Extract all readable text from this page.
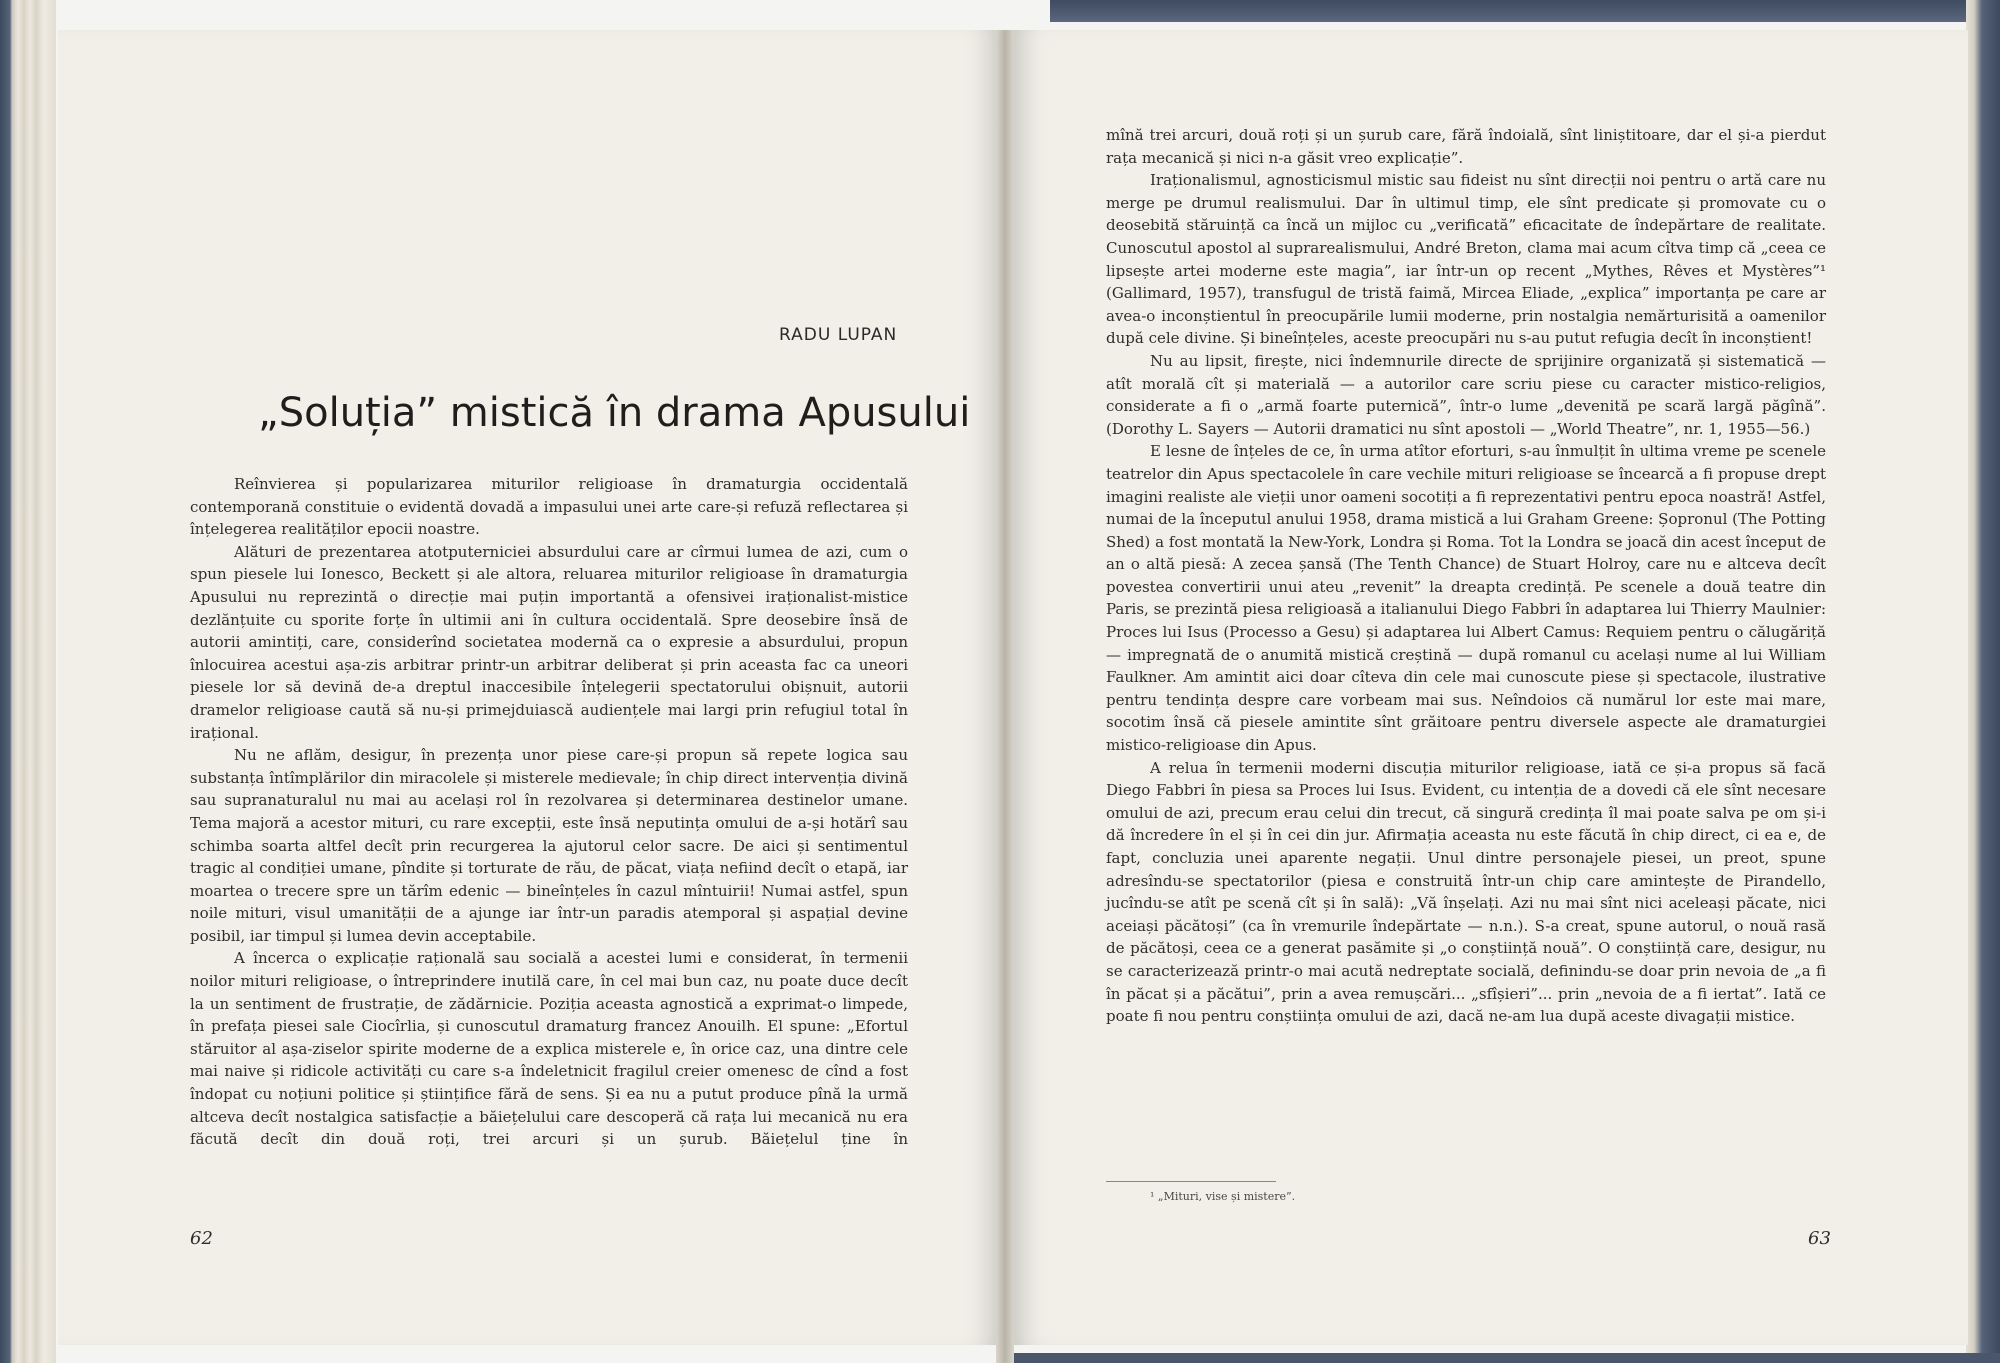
RADU LUPAN
„Soluția” mistică în drama Apusului

Reînvierea și popularizarea miturilor religioase în dramaturgia occidentală contemporană constituie o evidentă dovadă a impasului unei arte care-și refuză reflectarea și înțelegerea realităților epocii noastre.

Alături de prezentarea atotputerniciei absurdului care ar cîrmui lumea de azi, cum o spun piesele lui Ionesco, Beckett și ale altora, reluarea miturilor religioase în dramaturgia Apusului nu reprezintă o direcție mai puțin importantă a ofensivei iraționalist-mistice dezlănțuite cu sporite forțe în ultimii ani în cultura occidentală. Spre deosebire însă de autorii amintiți, care, considerînd societatea modernă ca o expresie a absurdului, propun înlocuirea acestui așa-zis arbitrar printr-un arbitrar deliberat și prin aceasta fac ca uneori piesele lor să devină de-a dreptul inaccesibile înțelegerii spectatorului obișnuit, autorii dramelor religioase caută să nu-și primejduiască audiențele mai largi prin refugiul total în irațional.

Nu ne aflăm, desigur, în prezența unor piese care-și propun să repete logica sau substanța întîmplărilor din miracolele și misterele medievale; în chip direct intervenția divină sau supranaturalul nu mai au același rol în rezolvarea și determinarea destinelor umane. Tema majoră a acestor mituri, cu rare excepții, este însă neputința omului de a-și hotărî sau schimba soarta altfel decît prin recurgerea la ajutorul celor sacre. De aici și sentimentul tragic al condiției umane, pîndite și torturate de rău, de păcat, viața nefiind decît o etapă, iar moartea o trecere spre un tărîm edenic — bineînțeles în cazul mîntuirii! Numai astfel, spun noile mituri, visul umanității de a ajunge iar într-un paradis atemporal și aspațial devine posibil, iar timpul și lumea devin acceptabile.

A încerca o explicație rațională sau socială a acestei lumi e considerat, în termenii noilor mituri religioase, o întreprindere inutilă care, în cel mai bun caz, nu poate duce decît la un sentiment de frustrație, de zădărnicie. Poziția aceasta agnostică a exprimat-o limpede, în prefața piesei sale Ciocîrlia, și cunoscutul dramaturg francez Anouilh. El spune: „Efortul stăruitor al așa-ziselor spirite moderne de a explica misterele e, în orice caz, una dintre cele mai naive și ridicole activități cu care s-a îndeletnicit fragilul creier omenesc de cînd a fost îndopat cu noțiuni politice și științifice fără de sens. Și ea nu a putut produce pînă la urmă altceva decît nostalgica satisfacție a băiețelului care descoperă că rața lui mecanică nu era făcută decît din două roți, trei arcuri și un șurub. Băiețelul ține în

mînă trei arcuri, două roți și un șurub care, fără îndoială, sînt liniștitoare, dar el și-a pierdut rața mecanică și nici n-a găsit vreo explicație”.

Iraționalismul, agnosticismul mistic sau fideist nu sînt direcții noi pentru o artă care nu merge pe drumul realismului. Dar în ultimul timp, ele sînt predicate și promovate cu o deosebită stăruință ca încă un mijloc cu „verificată” eficacitate de îndepărtare de realitate. Cunoscutul apostol al suprarealismului, André Breton, clama mai acum cîtva timp că „ceea ce lipsește artei moderne este magia”, iar într-un op recent „Mythes, Rêves et Mystères”¹ (Gallimard, 1957), transfugul de tristă faimă, Mircea Eliade, „explica” importanța pe care ar avea-o inconștientul în preocupările lumii moderne, prin nostalgia nemărturisită a oamenilor după cele divine. Și bineînțeles, aceste preocupări nu s-au putut refugia decît în inconștient!

Nu au lipsit, firește, nici îndemnurile directe de sprijinire organizată și sistematică — atît morală cît și materială — a autorilor care scriu piese cu caracter mistico-religios, considerate a fi o „armă foarte puternică”, într-o lume „devenită pe scară largă păgînă”. (Dorothy L. Sayers — Autorii dramatici nu sînt apostoli — „World Theatre”, nr. 1, 1955—56.)

E lesne de înțeles de ce, în urma atîtor eforturi, s-au înmulțit în ultima vreme pe scenele teatrelor din Apus spectacolele în care vechile mituri religioase se încearcă a fi propuse drept imagini realiste ale vieții unor oameni socotiți a fi reprezentativi pentru epoca noastră! Astfel, numai de la începutul anului 1958, drama mistică a lui Graham Greene: Șopronul (The Potting Shed) a fost montată la New-York, Londra și Roma. Tot la Londra se joacă din acest început de an o altă piesă: A zecea șansă (The Tenth Chance) de Stuart Holroy, care nu e altceva decît povestea convertirii unui ateu „revenit” la dreapta credință. Pe scenele a două teatre din Paris, se prezintă piesa religioasă a italianului Diego Fabbri în adaptarea lui Thierry Maulnier: Proces lui Isus (Processo a Gesu) și adaptarea lui Albert Camus: Requiem pentru o călugăriță — impregnată de o anumită mistică creștină — după romanul cu același nume al lui William Faulkner. Am amintit aici doar cîteva din cele mai cunoscute piese și spectacole, ilustrative pentru tendința despre care vorbeam mai sus. Neîndoios că numărul lor este mai mare, socotim însă că piesele amintite sînt grăitoare pentru diversele aspecte ale dramaturgiei mistico-religioase din Apus.

A relua în termenii moderni discuția miturilor religioase, iată ce și-a propus să facă Diego Fabbri în piesa sa Proces lui Isus. Evident, cu intenția de a dovedi că ele sînt necesare omului de azi, precum erau celui din trecut, că singură credința îl mai poate salva pe om și-i dă încredere în el și în cei din jur. Afirmația aceasta nu este făcută în chip direct, ci ea e, de fapt, concluzia unei aparente negații. Unul dintre personajele piesei, un preot, spune adresîndu-se spectatorilor (piesa e construită într-un chip care amintește de Pirandello, jucîndu-se atît pe scenă cît și în sală): „Vă înșelați. Azi nu mai sînt nici aceleași păcate, nici aceiași păcătoși” (ca în vremurile îndepărtate — n.n.). S-a creat, spune autorul, o nouă rasă de păcătoși, ceea ce a generat pasămite și „o conștiință nouă”. O conștiință care, desigur, nu se caracterizează printr-o mai acută nedreptate socială, definindu-se doar prin nevoia de „a fi în păcat și a păcătui”, prin a avea remușcări... „sfîșieri”... prin „nevoia de a fi iertat”. Iată ce poate fi nou pentru conștiința omului de azi, dacă ne-am lua după aceste divagații mistice.

¹ „Mituri, vise și mistere”.
62	63
